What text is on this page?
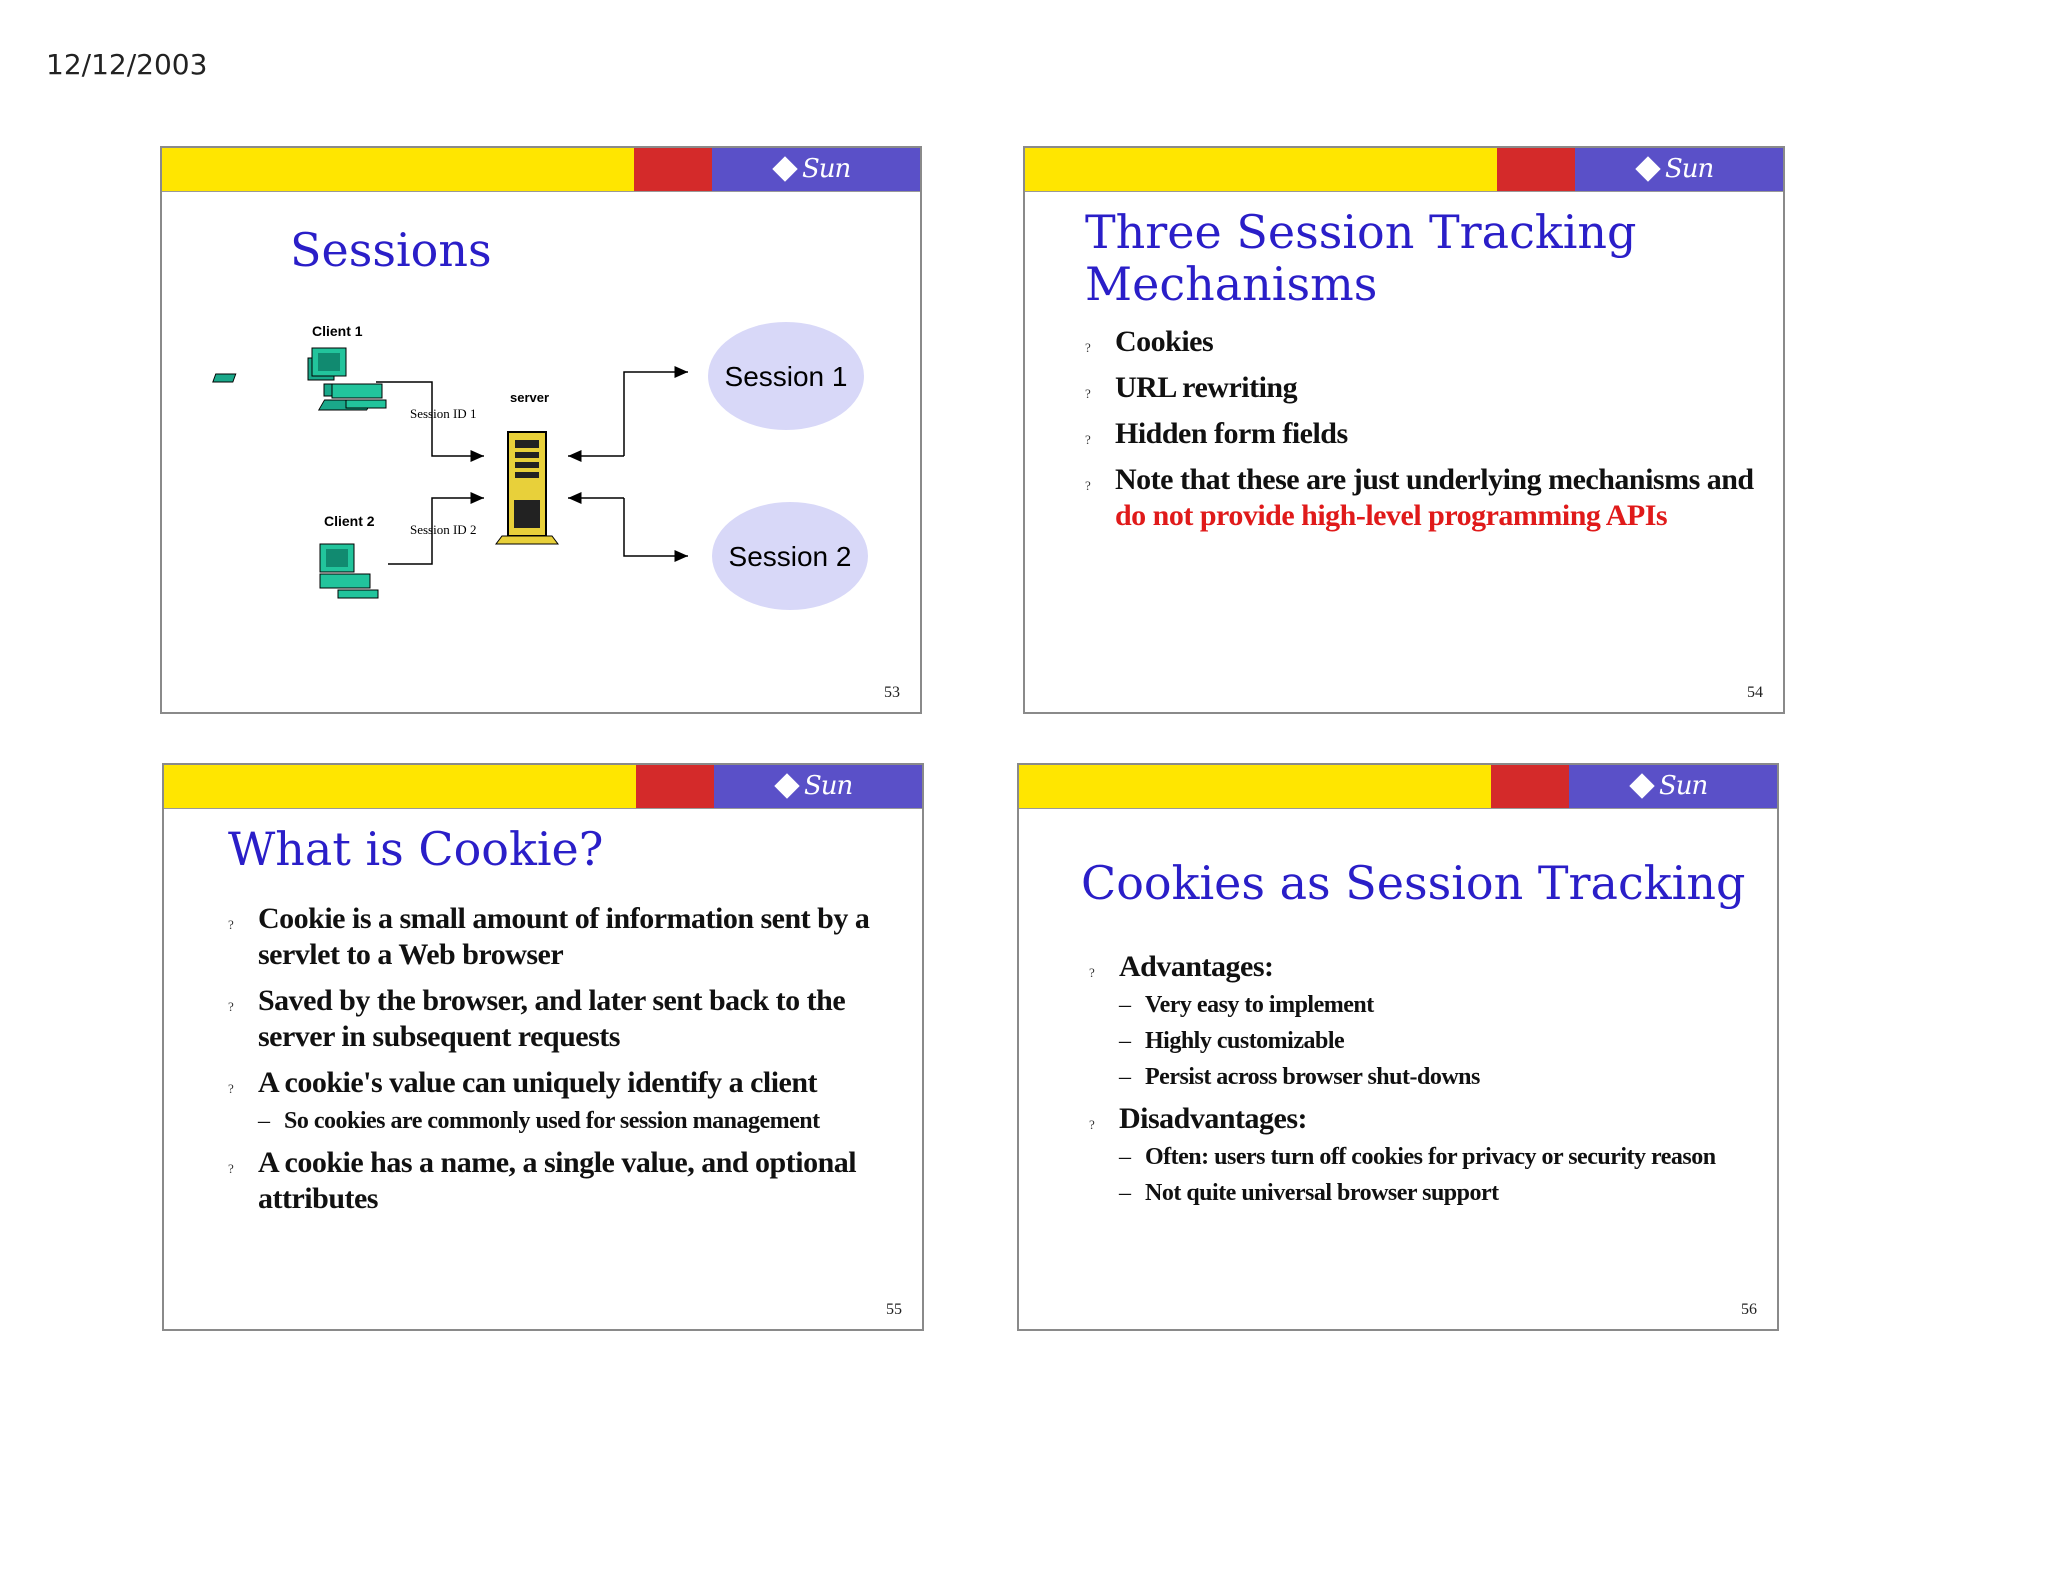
12/12/2003
Sun
Sessions
Client 1
Client 2
Session ID 1
Session ID 2
server
Session 1
Session 2
53
Sun
Three Session Tracking
Mechanisms
? Cookies
? URL rewriting
? Hidden form fields
? Note that these are just underlying mechanisms and do not provide high-level programming APIs
54
Sun
What is Cookie?
? Cookie is a small amount of information sent by a servlet to a Web browser
? Saved by the browser, and later sent back to the server in subsequent requests
? A cookie's value can uniquely identify a client
– So cookies are commonly used for session management
? A cookie has a name, a single value, and optional attributes
55
Sun
Cookies as Session Tracking
? Advantages:
– Very easy to implement
– Highly customizable
– Persist across browser shut-downs
? Disadvantages:
– Often: users turn off cookies for privacy or security reason
– Not quite universal browser support
56
